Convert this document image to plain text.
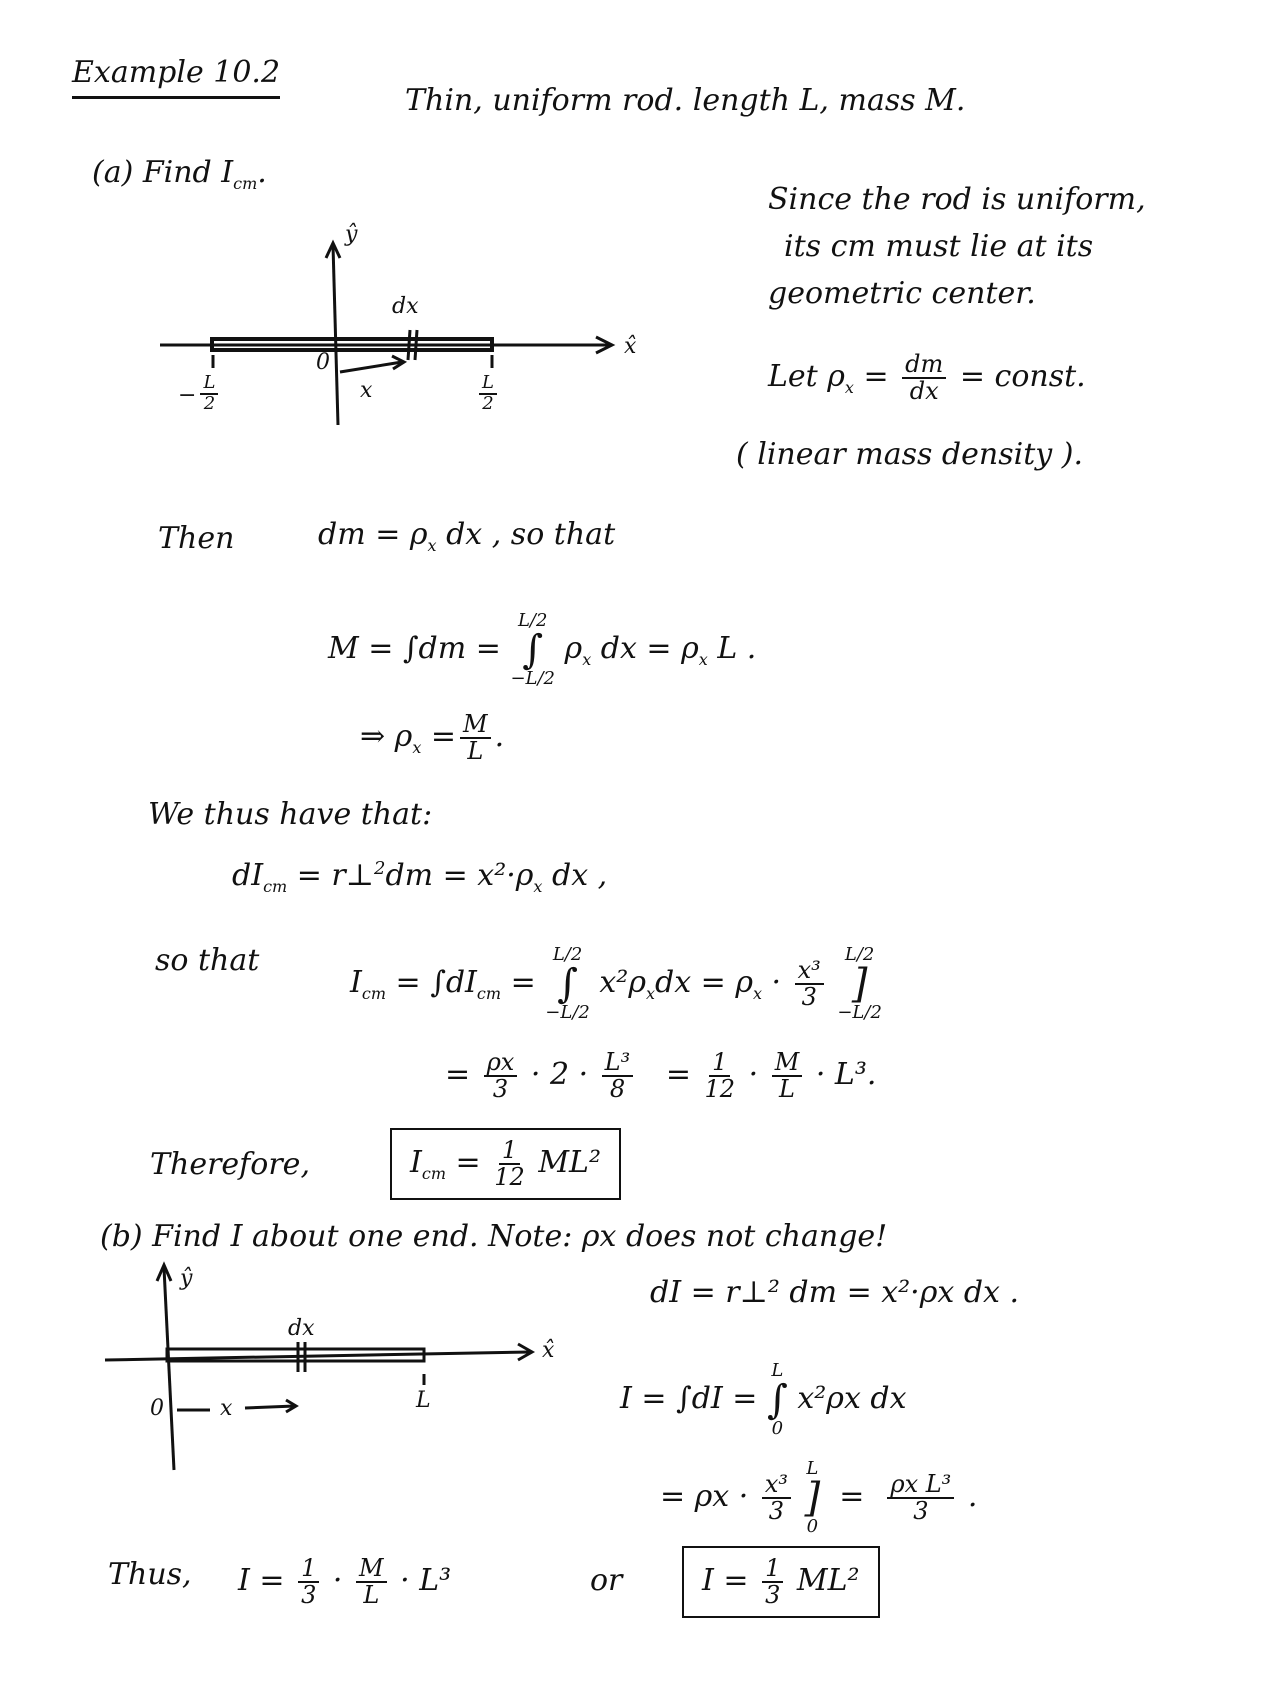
Example 10.2
Thin, uniform rod. length L, mass M.
(a) Find $I_{cm}$.
Since the rod is uniform,
its cm must lie at its
geometric center.
Let $\rho_x = \frac{dm}{dx}$ = const.
( linear mass density ).
dx
ŷ
x̂
0
x
− $\frac{L}{2}$	$\frac{L}{2}$
Then	dm = $\rho_x$ dx , so that
M = ∫dm =
L/2
∫
−L/2
$\rho_x$ dx = $\rho_x$ L .
⇒ $\rho_x = \frac{M}{L}$ .
We thus have that:
$dI_{cm}$ = r⊥$^2$dm = $x^2\cdot\rho_x$ dx ,
so that
$I_{cm} = \int dI_{cm}$ =
L/2
∫
−L/2
$x^2\rho_xdx = \rho_x \cdot \frac{\text{x³}}{3}$

L/2
]
−L/2
= $\frac{\rho x}{3} \cdot 2 \cdot \frac{\text{L³}}{8} = \frac{1}{12} \cdot \frac{M}{L} \cdot L^3$.
Therefore,	$I_{cm} = \frac{1}{12} ML^2$
(b) Find I about one end. Note: ρx does not change!
dI = r⊥² dm = x²·ρx dx .
I = ∫dI =
L
∫
0
x²ρx dx
= $\rho x \cdot \frac{\text{x³}}{3}$

L
]
0
= $\frac{\text{ρx L³}}{3}$ .
ŷ
x̂
dx
0	x	L
Thus, $I = \frac{1}{3} \cdot \frac{M}{L} \cdot L^3$	or	$I = \frac{1}{3} ML^2$
